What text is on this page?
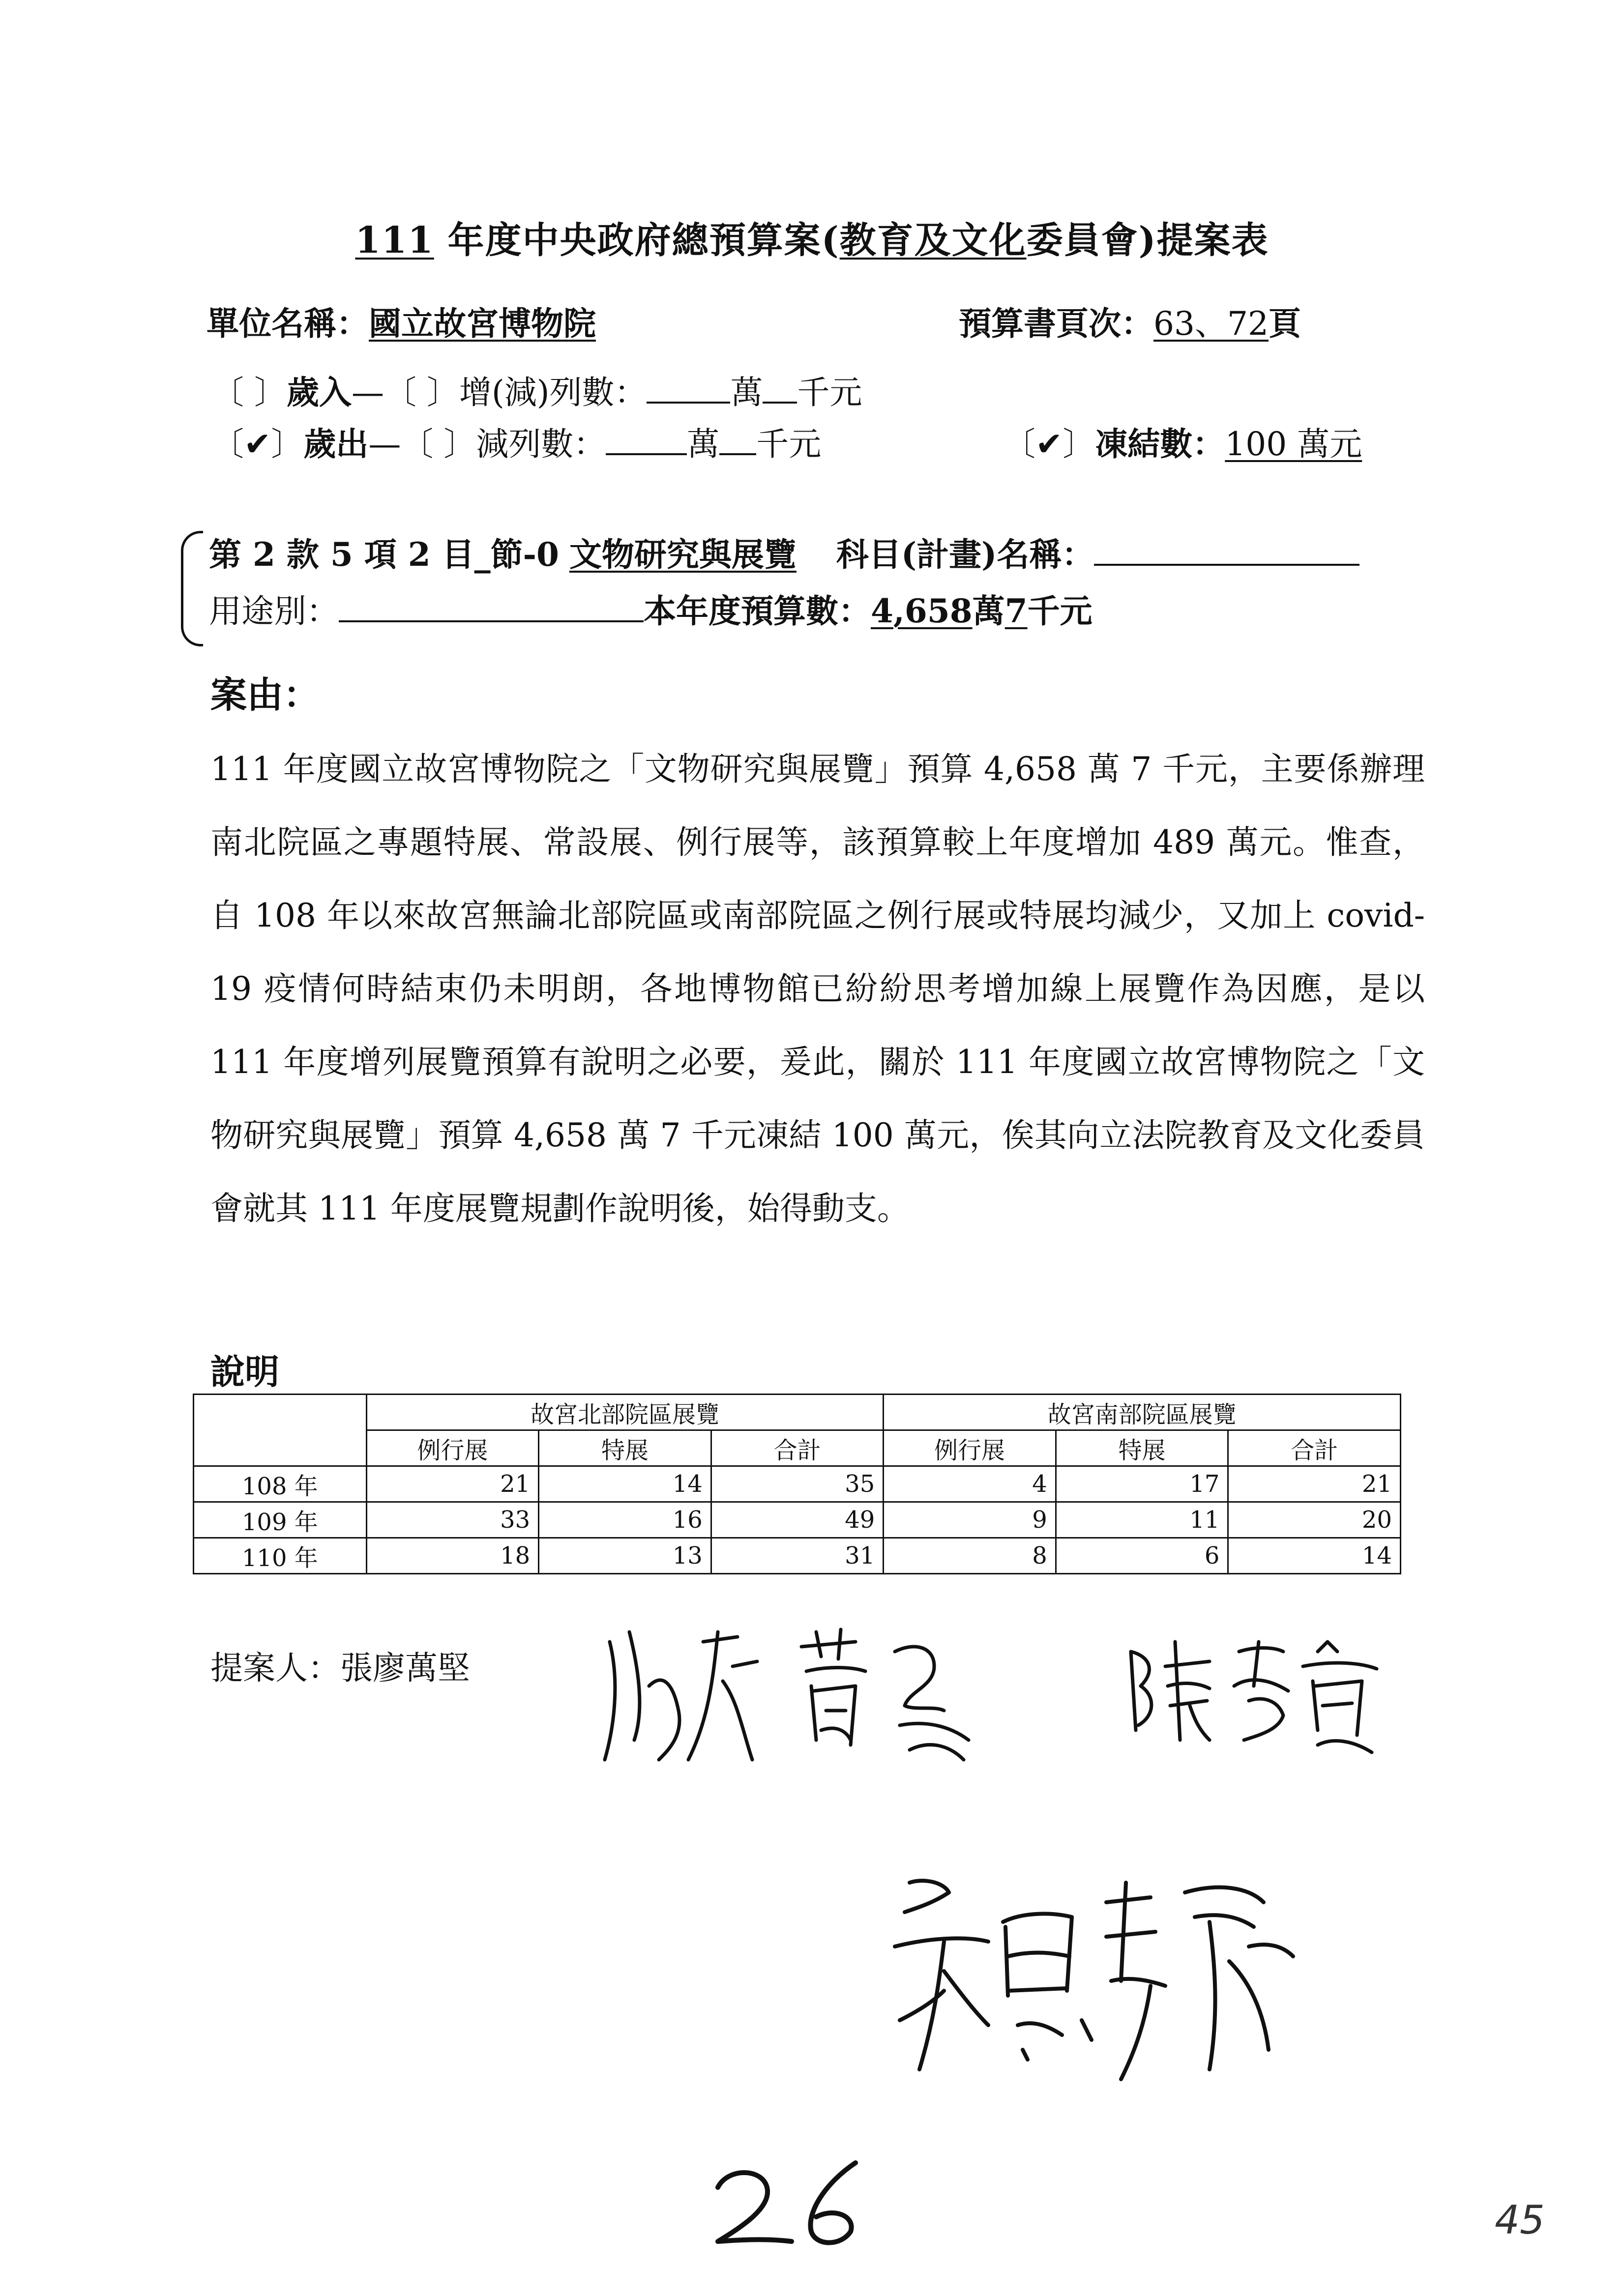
111 年度中央政府總預算案(教育及文化委員會)提案表
單位名稱：國立故宮博物院	預算書頁次：63、72頁
〔 〕歲入—〔 〕增(減)列數：	萬 千元
〔✔〕歲出—〔 〕減列數：	萬 千元	〔✔〕凍結數：100 萬元
第 2 款 5 項 2 目_節-0 文物研究與展覽 科目(計畫)名稱：
用途別：	本年度預算數：4,658萬7千元
案由：

111 年度國立故宮博物院之「文物研究與展覽」預算 4,658 萬 7 千元，主要係辦理南北院區之專題特展、常設展、例行展等，該預算較上年度增加 489 萬元。惟查，自 108 年以來故宮無論北部院區或南部院區之例行展或特展均減少，又加上 covid-19 疫情何時結束仍未明朗，各地博物館已紛紛思考增加線上展覽作為因應，是以 111 年度增列展覽預算有說明之必要，爰此，關於 111 年度國立故宮博物院之「文物研究與展覽」預算 4,658 萬 7 千元凍結 100 萬元，俟其向立法院教育及文化委員會就其 111 年度展覽規劃作說明後，始得動支。

說明
	故宮北部院區展覽			故宮南部院區展覽		
	例行展	特展	合計	例行展	特展	合計
108 年	21	14	35	4	17	21
109 年	33	16	49	9	11	20
110 年	18	13	31	8	6	14
提案人：張廖萬堅
45
